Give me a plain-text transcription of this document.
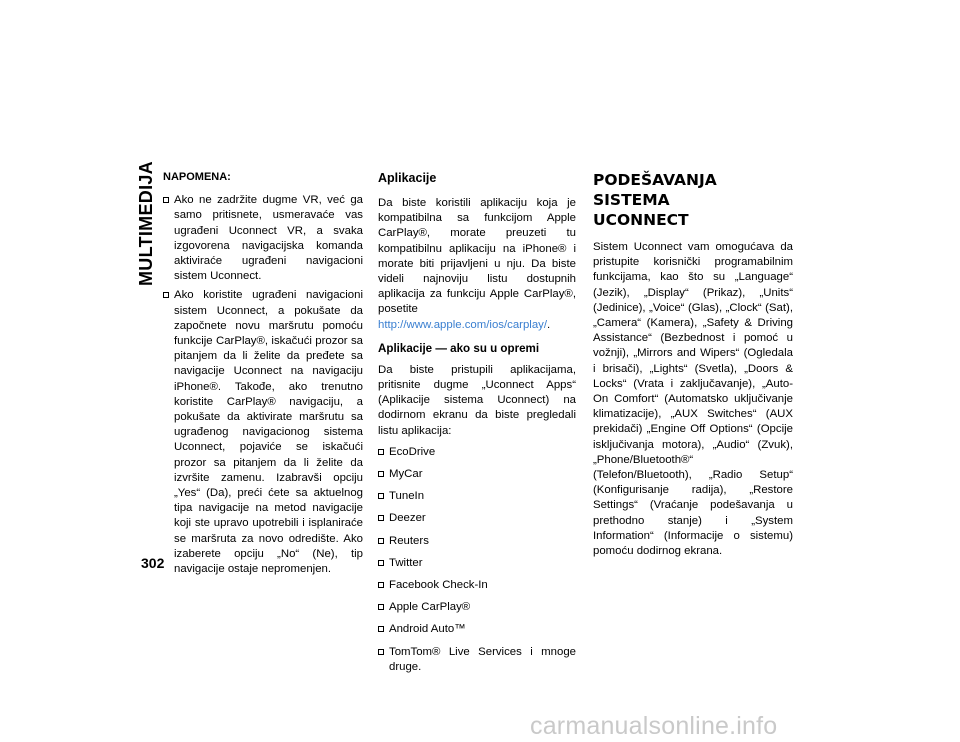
MULTIMEDIJA
302
NAPOMENA:
Ako ne zadržite dugme VR, već ga samo pritisnete, usmeravaće vas ugrađeni Uconnect VR, a svaka izgovorena navigacijska komanda aktiviraće ugrađeni navigacioni sistem Uconnect.
Ako koristite ugrađeni navigacioni sistem Uconnect, a pokušate da započnete novu maršrutu pomoću funkcije CarPlay®, iskačući prozor sa pitanjem da li želite da pređete sa navigacije Uconnect na navigaciju iPhone®. Takođe, ako trenutno koristite CarPlay® navigaciju, a pokušate da aktivirate maršrutu sa ugrađenog navigacionog sistema Uconnect, pojaviće se iskačući prozor sa pitanjem da li želite da izvršite zamenu. Izabravši opciju „Yes“ (Da), preći ćete sa aktuelnog tipa navigacije na metod navigacije koji ste upravo upotrebili i isplaniraće se maršruta za novo odredište. Ako izaberete opciju „No“ (Ne), tip navigacije ostaje nepromenjen.
Aplikacije

Da biste koristili aplikaciju koja je kompatibilna sa funkcijom Apple CarPlay®, morate preuzeti tu kompatibilnu aplikaciju na iPhone® i morate biti prijavljeni u nju. Da biste videli najnoviju listu dostupnih aplikacija za funkciju Apple CarPlay®, posetite http://www.apple.com/ios/carplay/.

Aplikacije — ako su u opremi

Da biste pristupili aplikacijama, pritisnite dugme „Uconnect Apps“ (Aplikacije sistema Uconnect) na dodirnom ekranu da biste pregledali listu aplikacija:

EcoDrive
MyCar
TuneIn
Deezer
Reuters
Twitter
Facebook Check-In
Apple CarPlay®
Android Auto™
TomTom® Live Services i mnoge druge.
PODEŠAVANJA SISTEMA
UCONNECT

Sistem Uconnect vam omogućava da pristupite korisnički programabilnim funkcijama, kao što su „Language“ (Jezik), „Display“ (Prikaz), „Units“ (Jedinice), „Voice“ (Glas), „Clock“ (Sat), „Camera“ (Kamera), „Safety & Driving Assistance“ (Bezbednost i pomoć u vožnji), „Mirrors and Wipers“ (Ogledala i brisači), „Lights“ (Svetla), „Doors & Locks“ (Vrata i zaključavanje), „Auto-On Comfort“ (Automatsko uključivanje klimatizacije), „AUX Switches“ (AUX prekidači) „Engine Off Options“ (Opcije isključivanja motora), „Audio“ (Zvuk), „Phone/Bluetooth®“ (Telefon/Bluetooth), „Radio Setup“ (Konfigurisanje radija), „Restore Settings“ (Vraćanje podešavanja u prethodno stanje) i „System Information“ (Informacije o sistemu) pomoću dodirnog ekrana.

carmanualsonline.info
